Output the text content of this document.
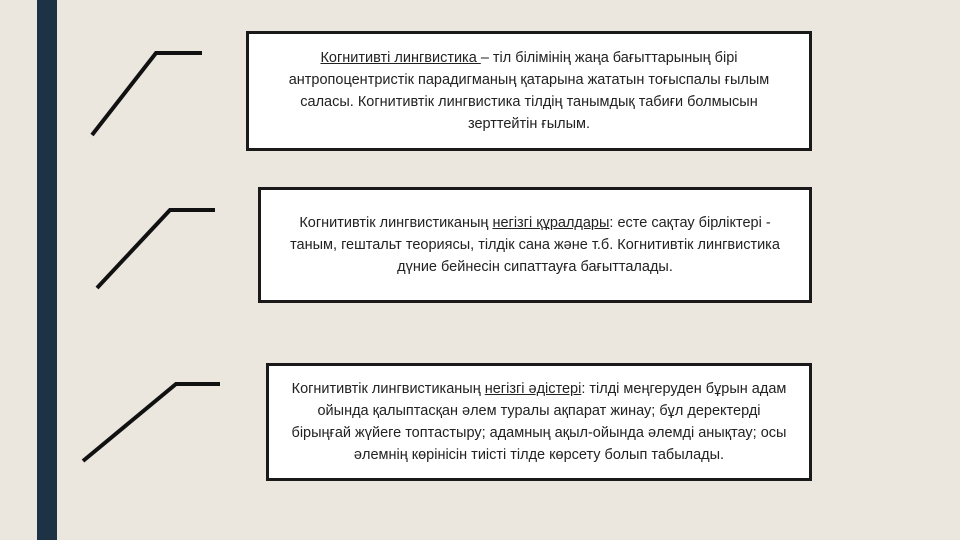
Когнитивті лингвистика – тіл білімінің жаңа бағыттарының бірі антропоцентристік парадигманың қатарына жататын тоғыспалы ғылым саласы. Когнитивтік лингвистика тілдің танымдық табиғи болмысын зерттейтін ғылым.

Когнитивтік лингвистиканың негізгі құралдары: есте сақтау бірліктері - таным, гештальт теориясы, тілдік сана және т.б. Когнитивтік лингвистика дүние бейнесін сипаттауға бағытталады.

Когнитивтік лингвистиканың негізгі әдістері: тілді меңгеруден бұрын адам ойында қалыптасқан әлем туралы ақпарат жинау; бұл деректерді бірыңғай жүйеге топтастыру; адамның ақыл-ойында әлемді анықтау; осы әлемнің көрінісін тиісті тілде көрсету болып табылады.
